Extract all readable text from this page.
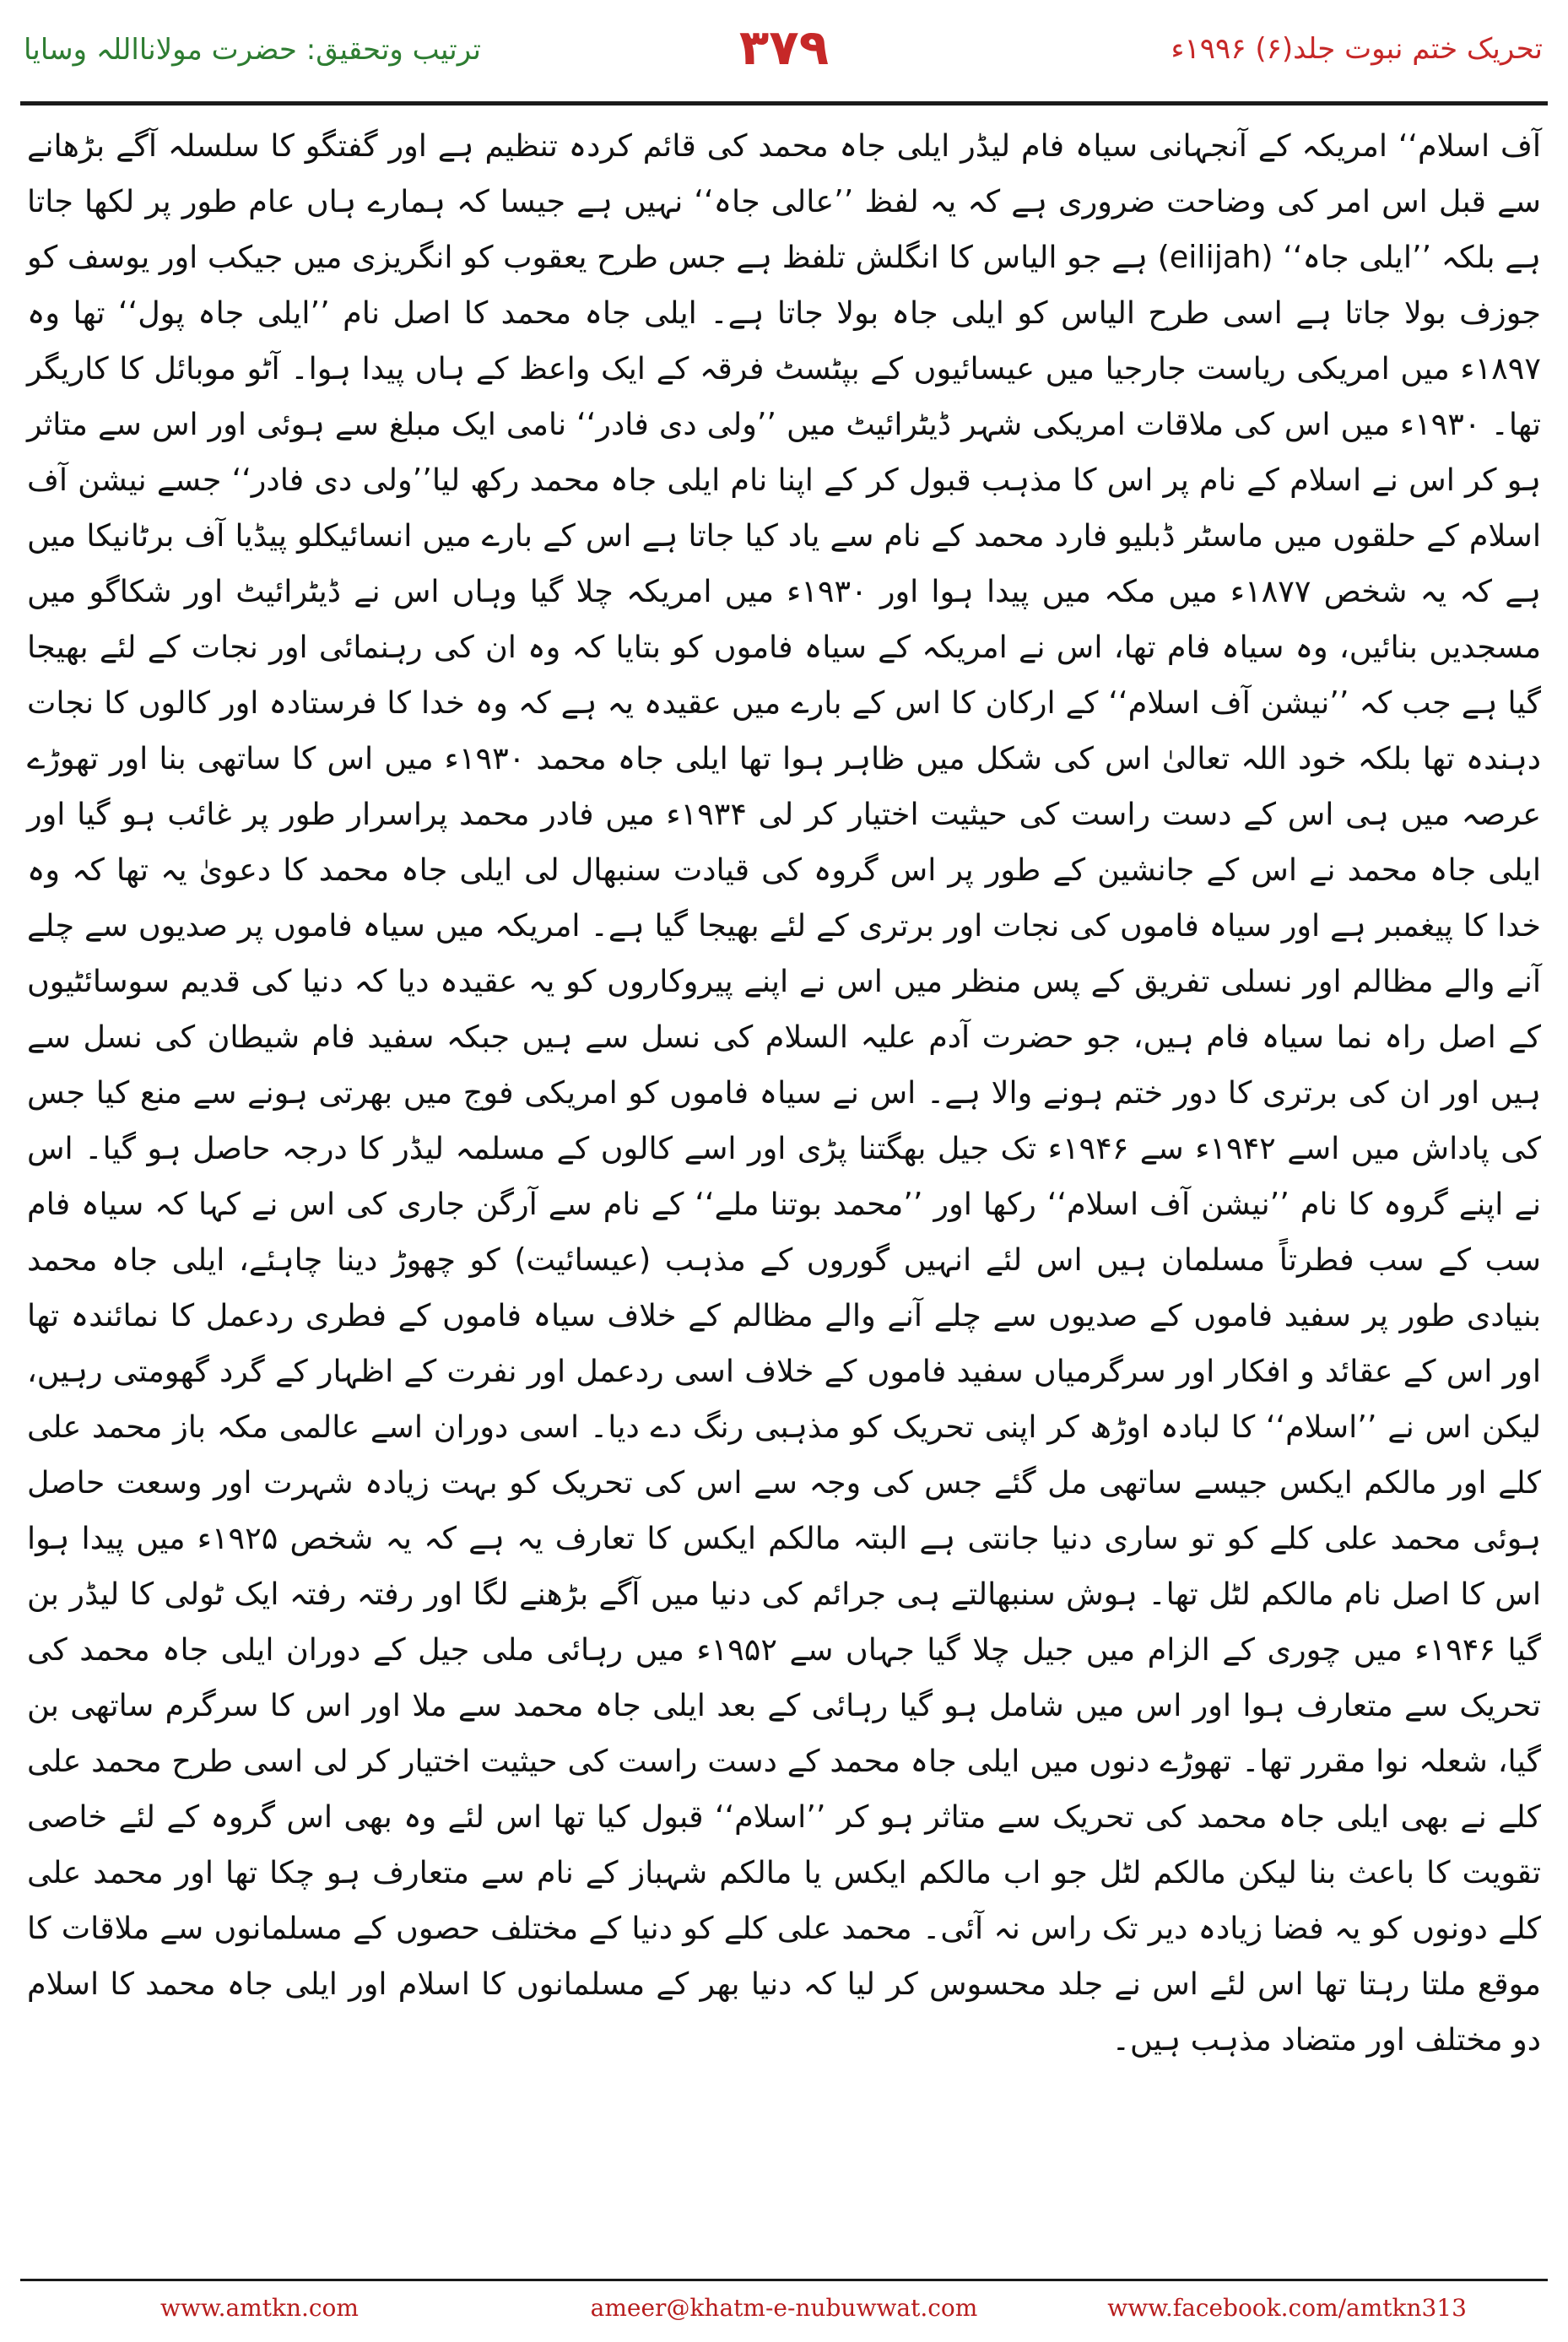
ترتیب وتحقیق: حضرت مولانااللہ وسایا	۳۷۹	تحریک ختم نبوت جلد(۶) ۱۹۹۶ء

آف اسلام‘‘ امریکہ کے آنجہانی سیاہ فام لیڈر ایلی جاہ محمد کی قائم کردہ تنظیم ہے اور گفتگو کا سلسلہ آگے بڑھانے سے قبل اس امر کی وضاحت ضروری ہے کہ یہ لفظ ’’عالی جاہ‘‘ نہیں ہے جیسا کہ ہمارے ہاں عام طور پر لکھا جاتا ہے بلکہ ’’ایلی جاہ‘‘ (eilijah) ہے جو الیاس کا انگلش تلفظ ہے جس طرح یعقوب کو انگریزی میں جیکب اور یوسف کو جوزف بولا جاتا ہے اسی طرح الیاس کو ایلی جاہ بولا جاتا ہے۔ ایلی جاہ محمد کا اصل نام ’’ایلی جاہ پول‘‘ تھا وہ ۱۸۹۷ء میں امریکی ریاست جارجیا میں عیسائیوں کے بپٹسٹ فرقہ کے ایک واعظ کے ہاں پیدا ہوا۔ آٹو موبائل کا کاریگر تھا۔ ۱۹۳۰ء میں اس کی ملاقات امریکی شہر ڈیٹرائیٹ میں ’’ولی دی فادر‘‘ نامی ایک مبلغ سے ہوئی اور اس سے متاثر ہو کر اس نے اسلام کے نام پر اس کا مذہب قبول کر کے اپنا نام ایلی جاہ محمد رکھ لیا’’ولی دی فادر‘‘ جسے نیشن آف اسلام کے حلقوں میں ماسٹر ڈبلیو فارد محمد کے نام سے یاد کیا جاتا ہے اس کے بارے میں انسائیکلو پیڈیا آف برٹانیکا میں ہے کہ یہ شخص ۱۸۷۷ء میں مکہ میں پیدا ہوا اور ۱۹۳۰ء میں امریکہ چلا گیا وہاں اس نے ڈیٹرائیٹ اور شکاگو میں مسجدیں بنائیں، وہ سیاہ فام تھا، اس نے امریکہ کے سیاہ فاموں کو بتایا کہ وہ ان کی رہنمائی اور نجات کے لئے بھیجا گیا ہے جب کہ ’’نیشن آف اسلام‘‘ کے ارکان کا اس کے بارے میں عقیدہ یہ ہے کہ وہ خدا کا فرستادہ اور کالوں کا نجات دہندہ تھا بلکہ خود اللہ تعالیٰ اس کی شکل میں ظاہر ہوا تھا ایلی جاہ محمد ۱۹۳۰ء میں اس کا ساتھی بنا اور تھوڑے عرصہ میں ہی اس کے دست راست کی حیثیت اختیار کر لی ۱۹۳۴ء میں فادر محمد پراسرار طور پر غائب ہو گیا اور ایلی جاہ محمد نے اس کے جانشین کے طور پر اس گروہ کی قیادت سنبھال لی ایلی جاہ محمد کا دعویٰ یہ تھا کہ وہ خدا کا پیغمبر ہے اور سیاہ فاموں کی نجات اور برتری کے لئے بھیجا گیا ہے۔ امریکہ میں سیاہ فاموں پر صدیوں سے چلے آنے والے مظالم اور نسلی تفریق کے پس منظر میں اس نے اپنے پیروکاروں کو یہ عقیدہ دیا کہ دنیا کی قدیم سوسائٹیوں کے اصل راہ نما سیاہ فام ہیں، جو حضرت آدم علیہ السلام کی نسل سے ہیں جبکہ سفید فام شیطان کی نسل سے ہیں اور ان کی برتری کا دور ختم ہونے والا ہے۔ اس نے سیاہ فاموں کو امریکی فوج میں بھرتی ہونے سے منع کیا جس کی پاداش میں اسے ۱۹۴۲ء سے ۱۹۴۶ء تک جیل بھگتنا پڑی اور اسے کالوں کے مسلمہ لیڈر کا درجہ حاصل ہو گیا۔ اس نے اپنے گروہ کا نام ’’نیشن آف اسلام‘‘ رکھا اور ’’محمد بوتنا ملے‘‘ کے نام سے آرگن جاری کی اس نے کہا کہ سیاہ فام سب کے سب فطرتاً مسلمان ہیں اس لئے انہیں گوروں کے مذہب (عیسائیت) کو چھوڑ دینا چاہئے، ایلی جاہ محمد بنیادی طور پر سفید فاموں کے صدیوں سے چلے آنے والے مظالم کے خلاف سیاہ فاموں کے فطری ردعمل کا نمائندہ تھا اور اس کے عقائد و افکار اور سرگرمیاں سفید فاموں کے خلاف اسی ردعمل اور نفرت کے اظہار کے گرد گھومتی رہیں، لیکن اس نے ’’اسلام‘‘ کا لبادہ اوڑھ کر اپنی تحریک کو مذہبی رنگ دے دیا۔ اسی دوران اسے عالمی مکہ باز محمد علی کلے اور مالکم ایکس جیسے ساتھی مل گئے جس کی وجہ سے اس کی تحریک کو بہت زیادہ شہرت اور وسعت حاصل ہوئی محمد علی کلے کو تو ساری دنیا جانتی ہے البتہ مالکم ایکس کا تعارف یہ ہے کہ یہ شخص ۱۹۲۵ء میں پیدا ہوا اس کا اصل نام مالکم لٹل تھا۔ ہوش سنبھالتے ہی جرائم کی دنیا میں آگے بڑھنے لگا اور رفتہ رفتہ ایک ٹولی کا لیڈر بن گیا ۱۹۴۶ء میں چوری کے الزام میں جیل چلا گیا جہاں سے ۱۹۵۲ء میں رہائی ملی جیل کے دوران ایلی جاہ محمد کی تحریک سے متعارف ہوا اور اس میں شامل ہو گیا رہائی کے بعد ایلی جاہ محمد سے ملا اور اس کا سرگرم ساتھی بن گیا، شعلہ نوا مقرر تھا۔ تھوڑے دنوں میں ایلی جاہ محمد کے دست راست کی حیثیت اختیار کر لی اسی طرح محمد علی کلے نے بھی ایلی جاہ محمد کی تحریک سے متاثر ہو کر ’’اسلام‘‘ قبول کیا تھا اس لئے وہ بھی اس گروہ کے لئے خاصی تقویت کا باعث بنا لیکن مالکم لٹل جو اب مالکم ایکس یا مالکم شہباز کے نام سے متعارف ہو چکا تھا اور محمد علی کلے دونوں کو یہ فضا زیادہ دیر تک راس نہ آئی۔ محمد علی کلے کو دنیا کے مختلف حصوں کے مسلمانوں سے ملاقات کا موقع ملتا رہتا تھا اس لئے اس نے جلد محسوس کر لیا کہ دنیا بھر کے مسلمانوں کا اسلام اور ایلی جاہ محمد کا اسلام دو مختلف اور متضاد مذہب ہیں۔

www.amtkn.com	ameer@khatm-e-nubuwwat.com	www.facebook.com/amtkn313
